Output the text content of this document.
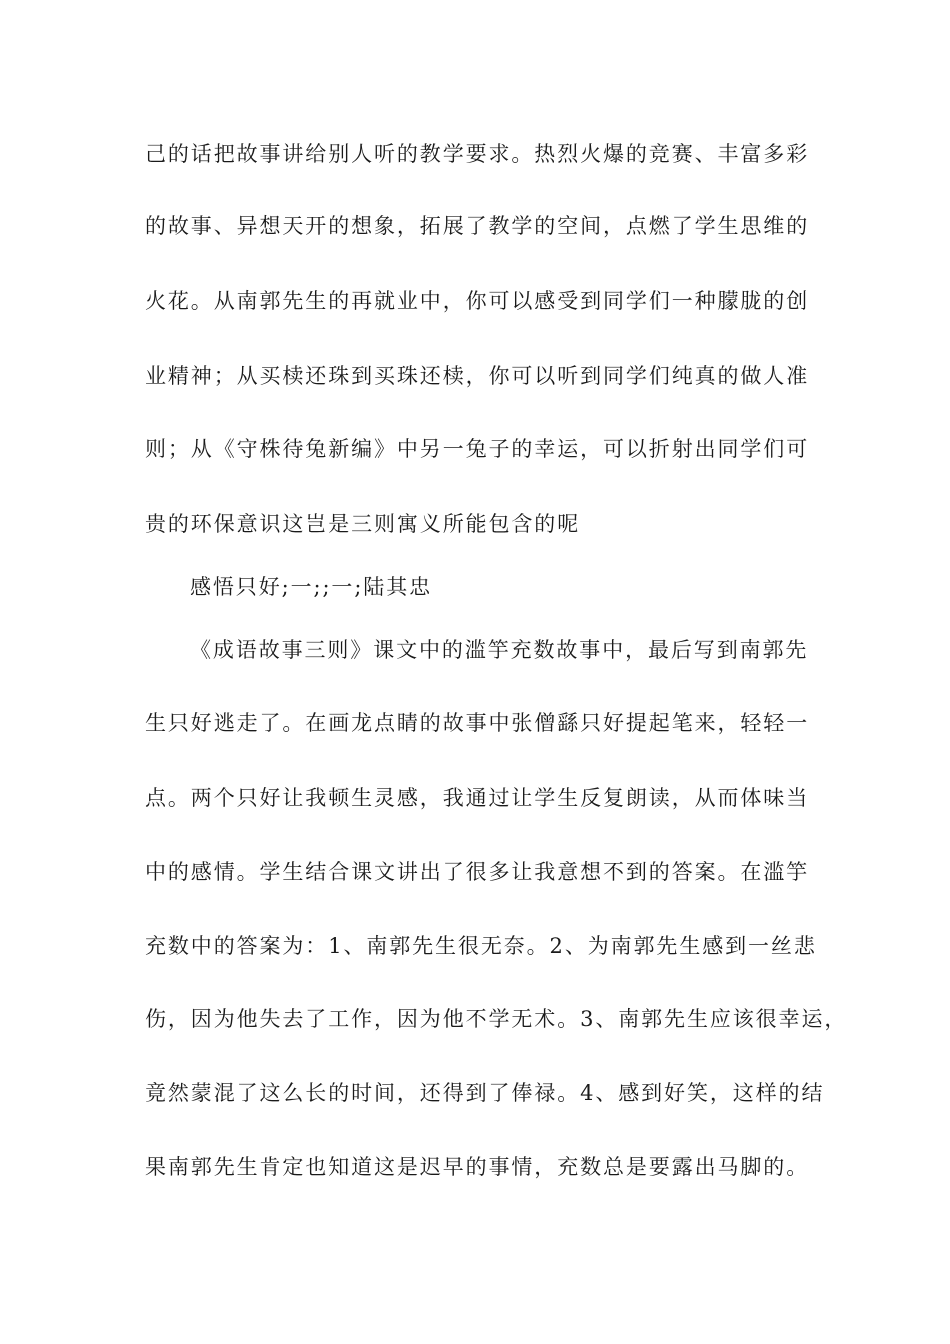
己的话把故事讲给别人听的教学要求。热烈火爆的竞赛、丰富多彩
的故事、异想天开的想象，拓展了教学的空间，点燃了学生思维的
火花。从南郭先生的再就业中，你可以感受到同学们一种朦胧的创
业精神；从买椟还珠到买珠还椟，你可以听到同学们纯真的做人准
则；从《守株待兔新编》中另一兔子的幸运，可以折射出同学们可
贵的环保意识这岂是三则寓义所能包含的呢
感悟只好;一;;一;陆其忠
《成语故事三则》课文中的滥竽充数故事中，最后写到南郭先
生只好逃走了。在画龙点睛的故事中张僧繇只好提起笔来，轻轻一
点。两个只好让我顿生灵感，我通过让学生反复朗读，从而体味当
中的感情。学生结合课文讲出了很多让我意想不到的答案。在滥竽
充数中的答案为：1、南郭先生很无奈。2、为南郭先生感到一丝悲
伤，因为他失去了工作，因为他不学无术。3、南郭先生应该很幸运，
竟然蒙混了这么长的时间，还得到了俸禄。4、感到好笑，这样的结
果南郭先生肯定也知道这是迟早的事情，充数总是要露出马脚的。
